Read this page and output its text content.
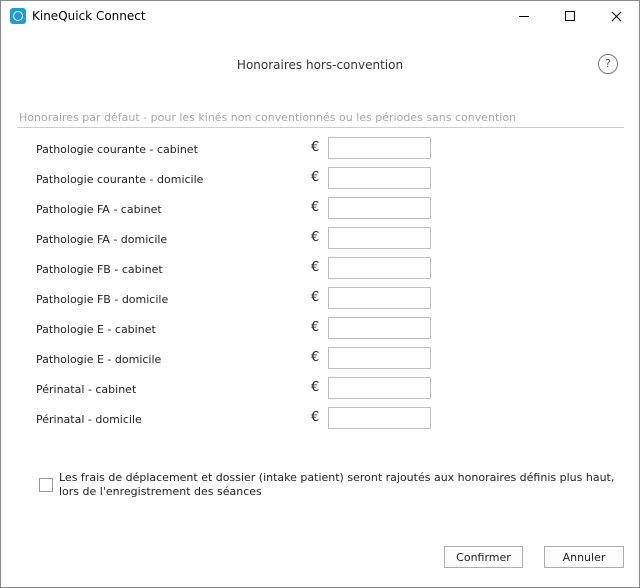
KineQuick Connect
Honoraires hors-convention	?
Honoraires par défaut - pour les kinés non conventionnés ou les périodes sans convention
Pathologie courante - cabinet	€
Pathologie courante - domicile	€
Pathologie FA - cabinet	€
Pathologie FA - domicile	€
Pathologie FB - cabinet	€
Pathologie FB - domicile	€
Pathologie E - cabinet	€
Pathologie E - domicile	€
Périnatal - cabinet	€
Périnatal - domicile	€
Les frais de déplacement et dossier (intake patient) seront rajoutés aux honoraires définis plus haut, lors de l'enregistrement des séances
Confirmer	Annuler
